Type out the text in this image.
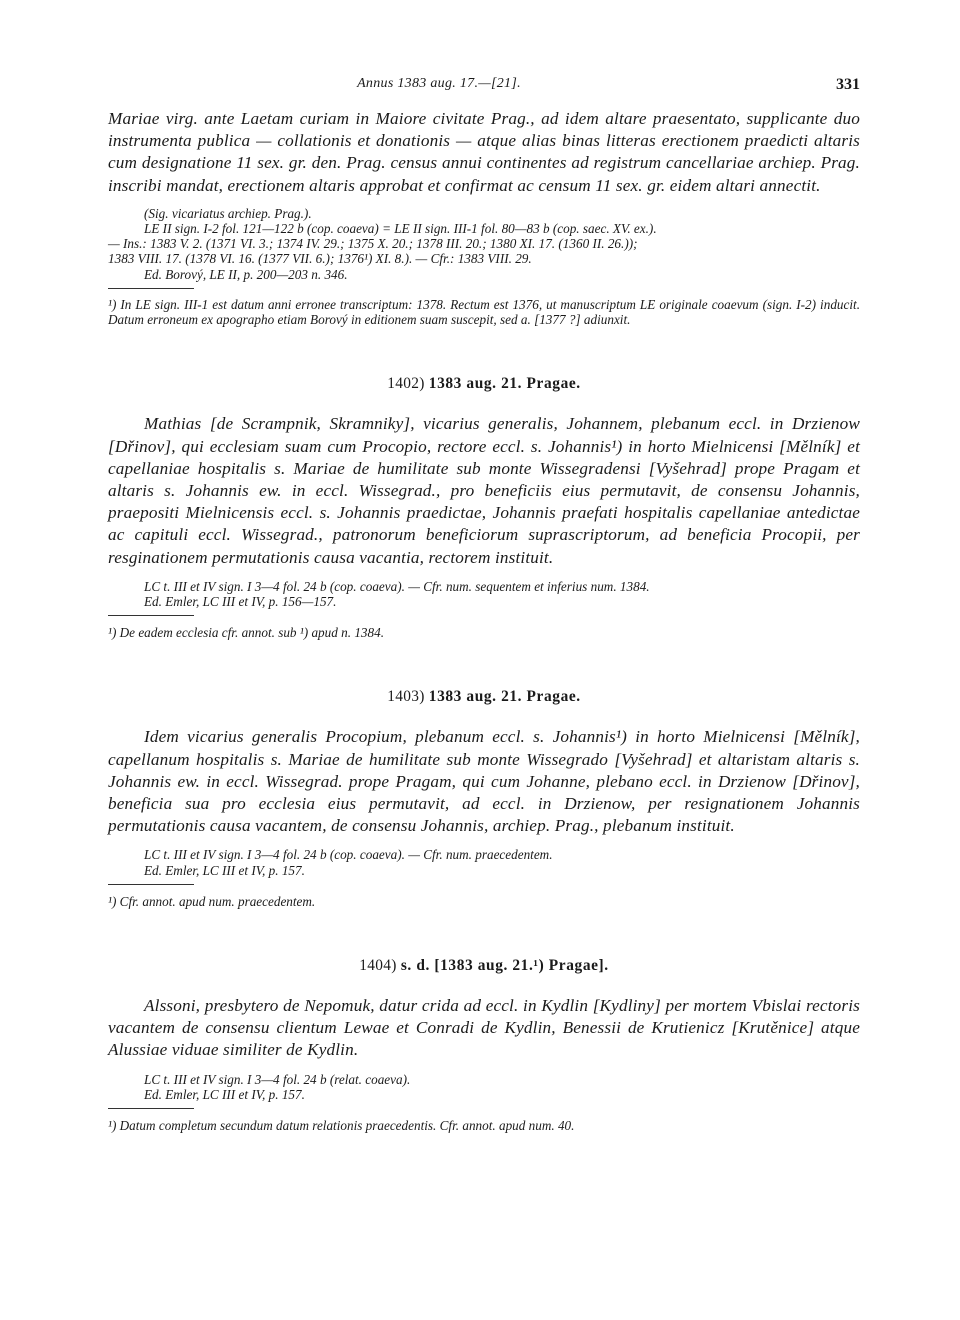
Annus 1383 aug. 17.—[21].	331

Mariae virg. ante Laetam curiam in Maiore civitate Prag., ad idem altare praesentato, supplicante duo instrumenta publica — collationis et donationis — atque alias binas litteras erectionem praedicti altaris cum designatione 11 sex. gr. den. Prag. census annui continentes ad registrum cancellariae archiep. Prag. inscribi mandat, erectionem altaris approbat et confirmat ac censum 11 sex. gr. eidem altari annectit.

(Sig. vicariatus archiep. Prag.).

LE II sign. I-2 fol. 121—122 b (cop. coaeva) = LE II sign. III-1 fol. 80—83 b (cop. saec. XV. ex.).

— Ins.: 1383 V. 2. (1371 VI. 3.; 1374 IV. 29.; 1375 X. 20.; 1378 III. 20.; 1380 XI. 17. (1360 II. 26.));

1383 VIII. 17. (1378 VI. 16. (1377 VII. 6.); 1376¹) XI. 8.). — Cfr.: 1383 VIII. 29.

Ed. Borový, LE II, p. 200—203 n. 346.

¹) In LE sign. III-1 est datum anni erronee transcriptum: 1378. Rectum est 1376, ut manuscriptum LE originale coaevum (sign. I-2) inducit. Datum erroneum ex apographo etiam Borový in editionem suam suscepit, sed a. [1377 ?] adiunxit.

1402) 1383 aug. 21. Pragae.

Mathias [de Scrampnik, Skramniky], vicarius generalis, Johannem, plebanum eccl. in Drzienow [Dřinov], qui ecclesiam suam cum Procopio, rectore eccl. s. Johannis¹) in horto Mielnicensi [Mělník] et capellaniae hospitalis s. Mariae de humilitate sub monte Wissegradensi [Vyšehrad] prope Pragam et altaris s. Johannis ew. in eccl. Wissegrad., pro beneficiis eius permutavit, de consensu Johannis, praepositi Mielnicensis eccl. s. Johannis praedictae, Johannis praefati hospitalis capellaniae antedictae ac capituli eccl. Wissegrad., patronorum beneficiorum suprascriptorum, ad beneficia Procopii, per resginationem permutationis causa vacantia, rectorem instituit.

LC t. III et IV sign. I 3—4 fol. 24 b (cop. coaeva). — Cfr. num. sequentem et inferius num. 1384.

Ed. Emler, LC III et IV, p. 156—157.

¹) De eadem ecclesia cfr. annot. sub ¹) apud n. 1384.

1403) 1383 aug. 21. Pragae.

Idem vicarius generalis Procopium, plebanum eccl. s. Johannis¹) in horto Mielnicensi [Mělník], capellanum hospitalis s. Mariae de humilitate sub monte Wissegrado [Vyšehrad] et altaristam altaris s. Johannis ew. in eccl. Wissegrad. prope Pragam, qui cum Johanne, plebano eccl. in Drzienow [Dřinov], beneficia sua pro ecclesia eius permutavit, ad eccl. in Drzienow, per resignationem Johannis permutationis causa vacantem, de consensu Johannis, archiep. Prag., plebanum instituit.

LC t. III et IV sign. I 3—4 fol. 24 b (cop. coaeva). — Cfr. num. praecedentem.

Ed. Emler, LC III et IV, p. 157.

¹) Cfr. annot. apud num. praecedentem.

1404) s. d. [1383 aug. 21.¹) Pragae].

Alssoni, presbytero de Nepomuk, datur crida ad eccl. in Kydlin [Kydliny] per mortem Vbislai rectoris vacantem de consensu clientum Lewae et Conradi de Kydlin, Benessii de Krutienicz [Krutěnice] atque Alussiae viduae similiter de Kydlin.

LC t. III et IV sign. I 3—4 fol. 24 b (relat. coaeva).

Ed. Emler, LC III et IV, p. 157.

¹) Datum completum secundum datum relationis praecedentis. Cfr. annot. apud num. 40.
